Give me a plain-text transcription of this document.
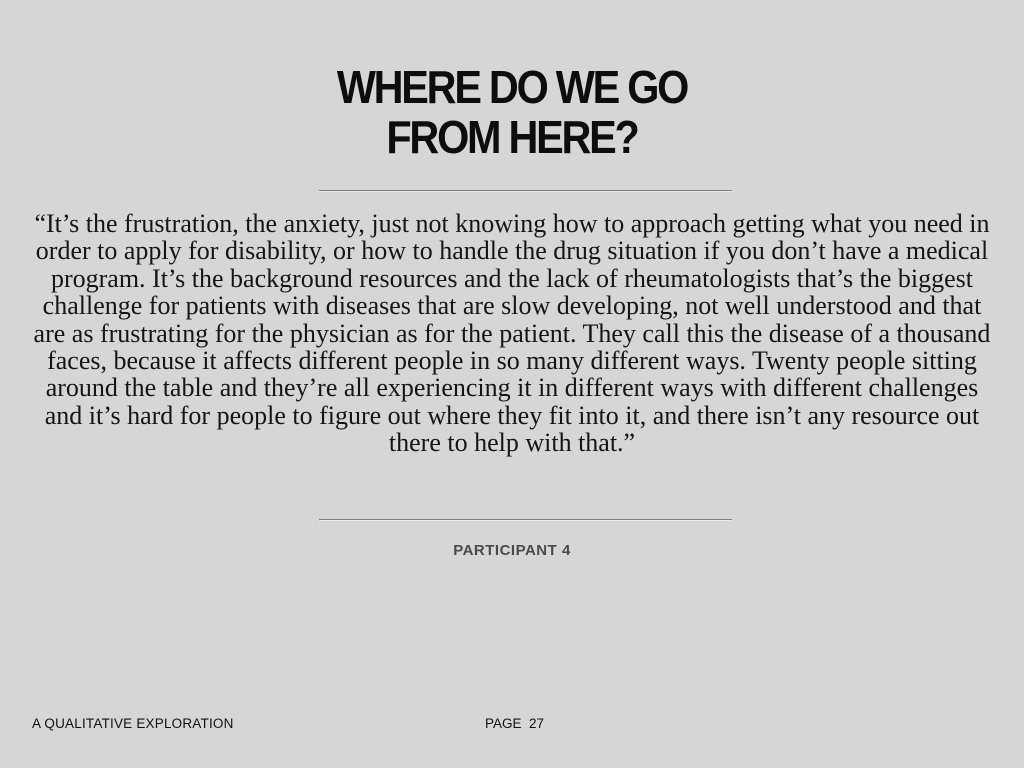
WHERE DO WE GO
FROM HERE?

“It’s the frustration, the anxiety, just not knowing how to approach getting what you need in order to apply for disability, or how to handle the drug situation if you don’t have a medical program. It’s the background resources and the lack of rheumatologists that’s the biggest challenge for patients with diseases that are slow developing, not well understood and that are as frustrating for the physician as for the patient. They call this the disease of a thousand faces, because it affects different people in so many different ways. Twenty people sitting around the table and they’re all experiencing it in different ways with different challenges and it’s hard for people to figure out where they fit into it, and there isn’t any resource out there to help with that.”

PARTICIPANT 4
A QUALITATIVE EXPLORATION	PAGE  27
